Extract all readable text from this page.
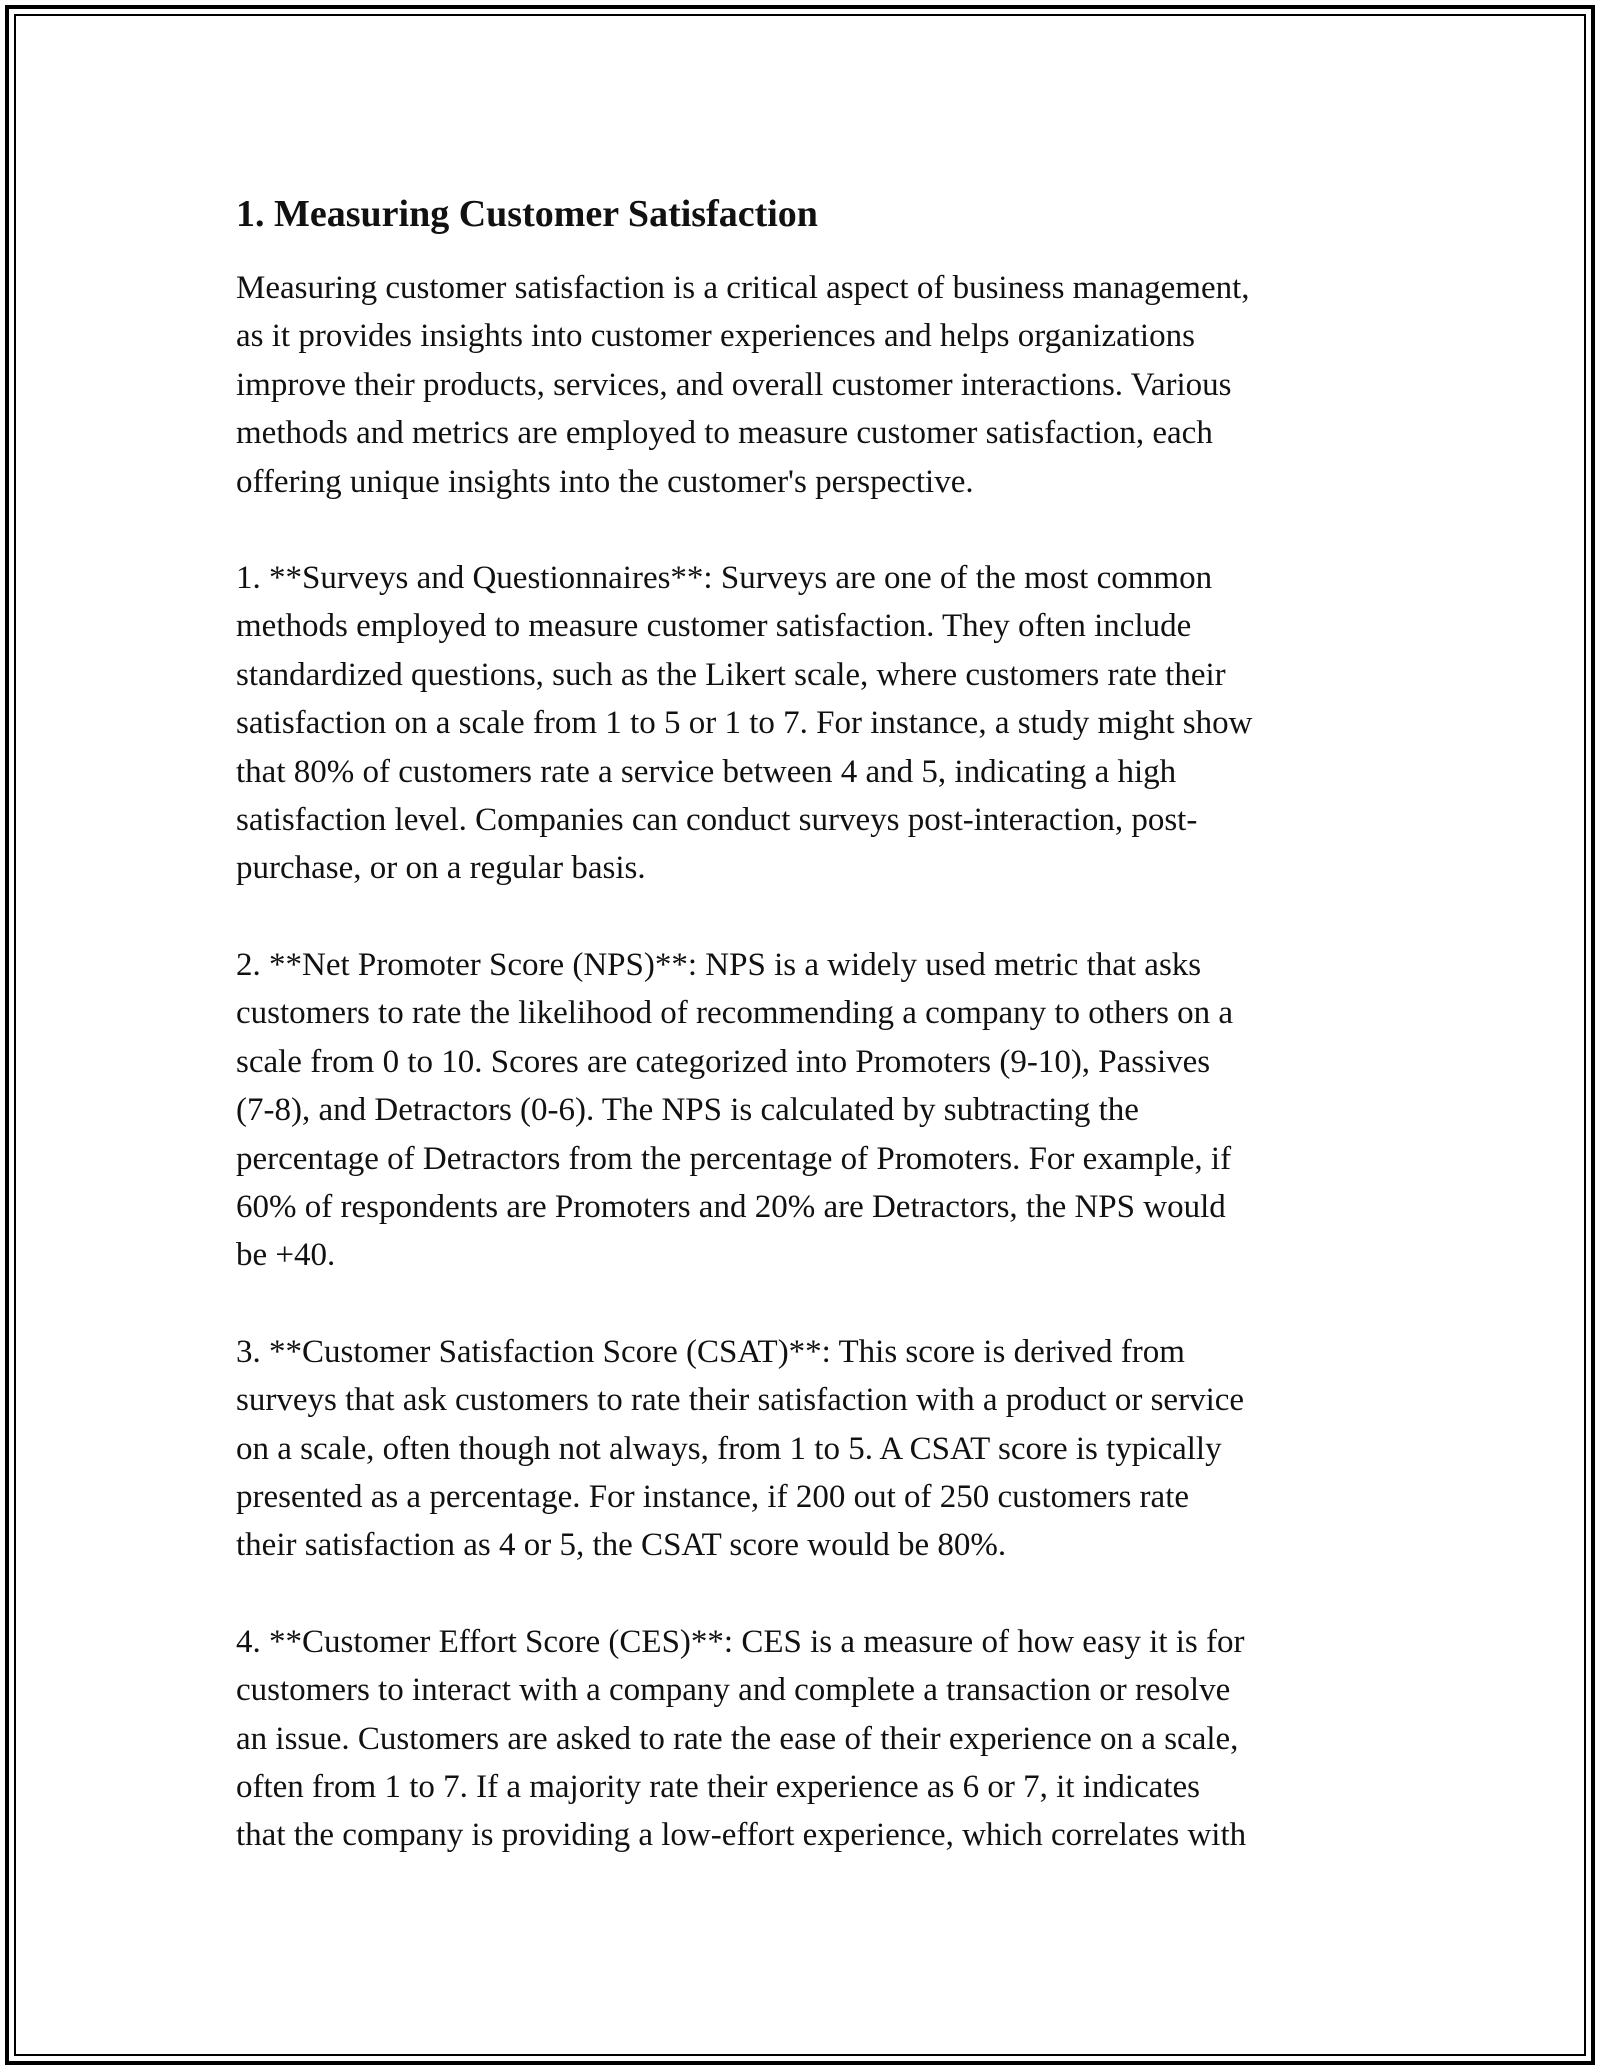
1. Measuring Customer Satisfaction

Measuring customer satisfaction is a critical aspect of business management,
as it provides insights into customer experiences and helps organizations
improve their products, services, and overall customer interactions. Various
methods and metrics are employed to measure customer satisfaction, each
offering unique insights into the customer's perspective.

1. **Surveys and Questionnaires**: Surveys are one of the most common
methods employed to measure customer satisfaction. They often include
standardized questions, such as the Likert scale, where customers rate their
satisfaction on a scale from 1 to 5 or 1 to 7. For instance, a study might show
that 80% of customers rate a service between 4 and 5, indicating a high
satisfaction level. Companies can conduct surveys post-interaction, post-
purchase, or on a regular basis.

2. **Net Promoter Score (NPS)**: NPS is a widely used metric that asks
customers to rate the likelihood of recommending a company to others on a
scale from 0 to 10. Scores are categorized into Promoters (9-10), Passives
(7-8), and Detractors (0-6). The NPS is calculated by subtracting the
percentage of Detractors from the percentage of Promoters. For example, if
60% of respondents are Promoters and 20% are Detractors, the NPS would
be +40.

3. **Customer Satisfaction Score (CSAT)**: This score is derived from
surveys that ask customers to rate their satisfaction with a product or service
on a scale, often though not always, from 1 to 5. A CSAT score is typically
presented as a percentage. For instance, if 200 out of 250 customers rate
their satisfaction as 4 or 5, the CSAT score would be 80%.

4. **Customer Effort Score (CES)**: CES is a measure of how easy it is for
customers to interact with a company and complete a transaction or resolve
an issue. Customers are asked to rate the ease of their experience on a scale,
often from 1 to 7. If a majority rate their experience as 6 or 7, it indicates
that the company is providing a low-effort experience, which correlates with
